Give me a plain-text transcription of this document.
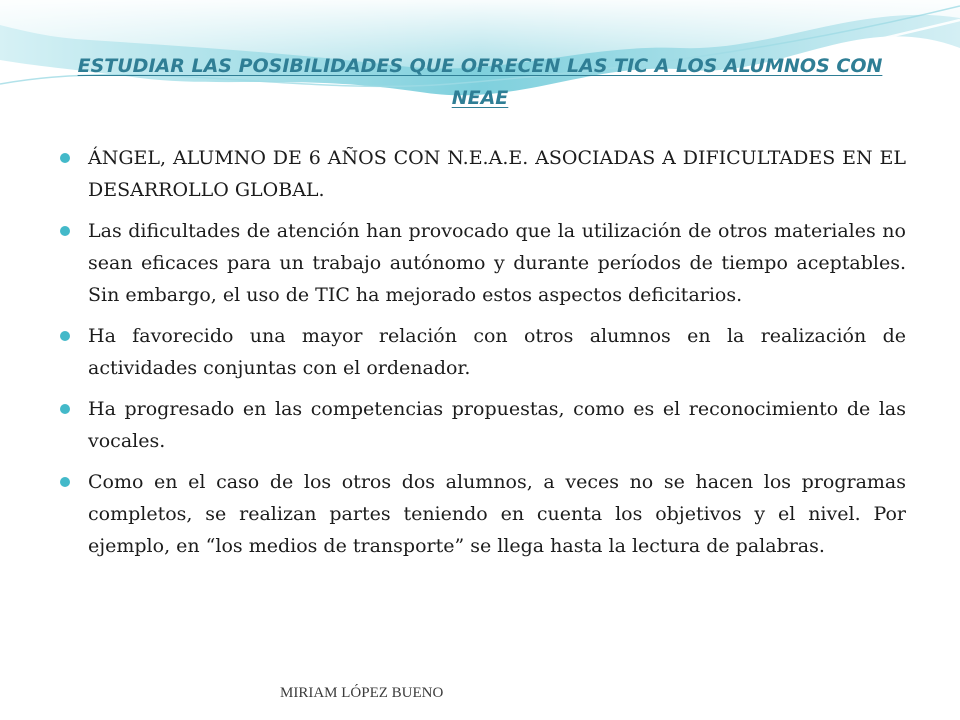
ESTUDIAR LAS POSIBILIDADES QUE OFRECEN LAS TIC A LOS ALUMNOS CON NEAE
ÁNGEL, ALUMNO DE 6 AÑOS CON N.E.A.E. ASOCIADAS A DIFICULTADES EN EL DESARROLLO GLOBAL.
Las dificultades de atención han provocado que la utilización de otros materiales no sean eficaces para un trabajo autónomo y durante períodos de tiempo aceptables. Sin embargo, el uso de TIC ha mejorado estos aspectos deficitarios.
Ha favorecido una mayor relación con otros alumnos en la realización de actividades conjuntas con el ordenador.
Ha progresado en las competencias propuestas, como es el reconocimiento de las vocales.
Como en el caso de los otros dos alumnos, a veces no se hacen los programas completos, se realizan partes teniendo en cuenta los objetivos y el nivel. Por ejemplo, en “los medios de transporte” se llega hasta la lectura de palabras.
MIRIAM LÓPEZ BUENO
